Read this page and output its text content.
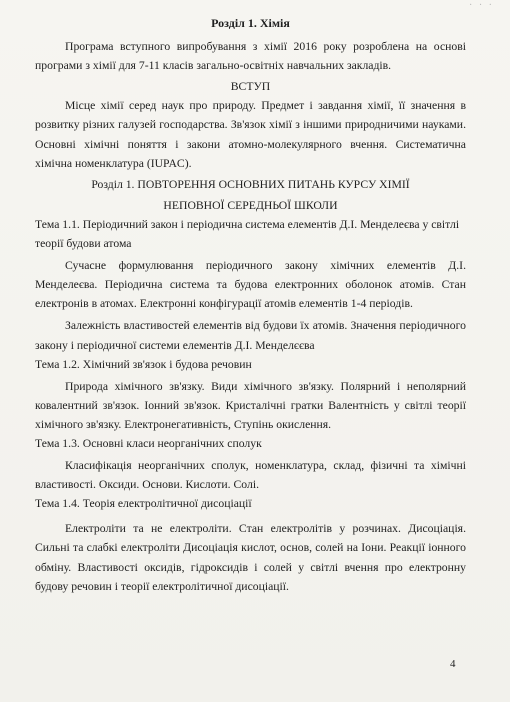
· · ·

Розділ 1. Хімія

Програма вступного випробування з хімії 2016 року розроблена на основі програми з хімії для 7-11 класів загально-освітніх навчальних закладів.

ВСТУП

Місце хімії серед наук про природу. Предмет і завдання хімії, її значення в розвитку різних галузей господарства. Зв'язок хімії з іншими природничими науками. Основні хімічні поняття і закони атомно-молекулярного вчення. Систематична хімічна номенклатура (IUPAC).

Розділ 1. ПОВТОРЕННЯ ОСНОВНИХ ПИТАНЬ КУРСУ ХІМІЇ

НЕПОВНОЇ СЕРЕДНЬОЇ ШКОЛИ

Тема 1.1. Періодичний закон і періодична система елементів Д.І. Менделеєва у світлі теорії будови атома

Сучасне формулювання періодичного закону хімічних елементів Д.І. Менделеєва. Періодична система та будова електронних оболонок атомів. Стан електронів в атомах. Електронні конфігурації атомів елементів 1-4 періодів.

Залежність властивостей елементів від будови їх атомів. Значення періодичного закону і періодичної системи елементів Д.І. Менделєєва

Тема 1.2. Хімічний зв'язок і будова речовин

Природа хімічного зв'язку. Види хімічного зв'язку. Полярний і неполярний ковалентний зв'язок. Іонний зв'язок. Кристалічні гратки Валентність у світлі теорії хімічного зв'язку. Електронегативність, Ступінь окислення.

Тема 1.3. Основні класи неорганічних сполук

Класифікація неорганічних сполук, номенклатура, склад, фізичні та хімічні властивості. Оксиди. Основи. Кислоти. Солі.

Тема 1.4. Теорія електролітичної дисоціації

Електроліти та не електроліти. Стан електролітів у розчинах. Дисоціація. Сильні та слабкі електроліти Дисоціація кислот, основ, солей на Іони. Реакції іонного обміну. Властивості оксидів, гідроксидів і солей у світлі вчення про електронну будову речовин і теорії електролітичної дисоціації.

4
